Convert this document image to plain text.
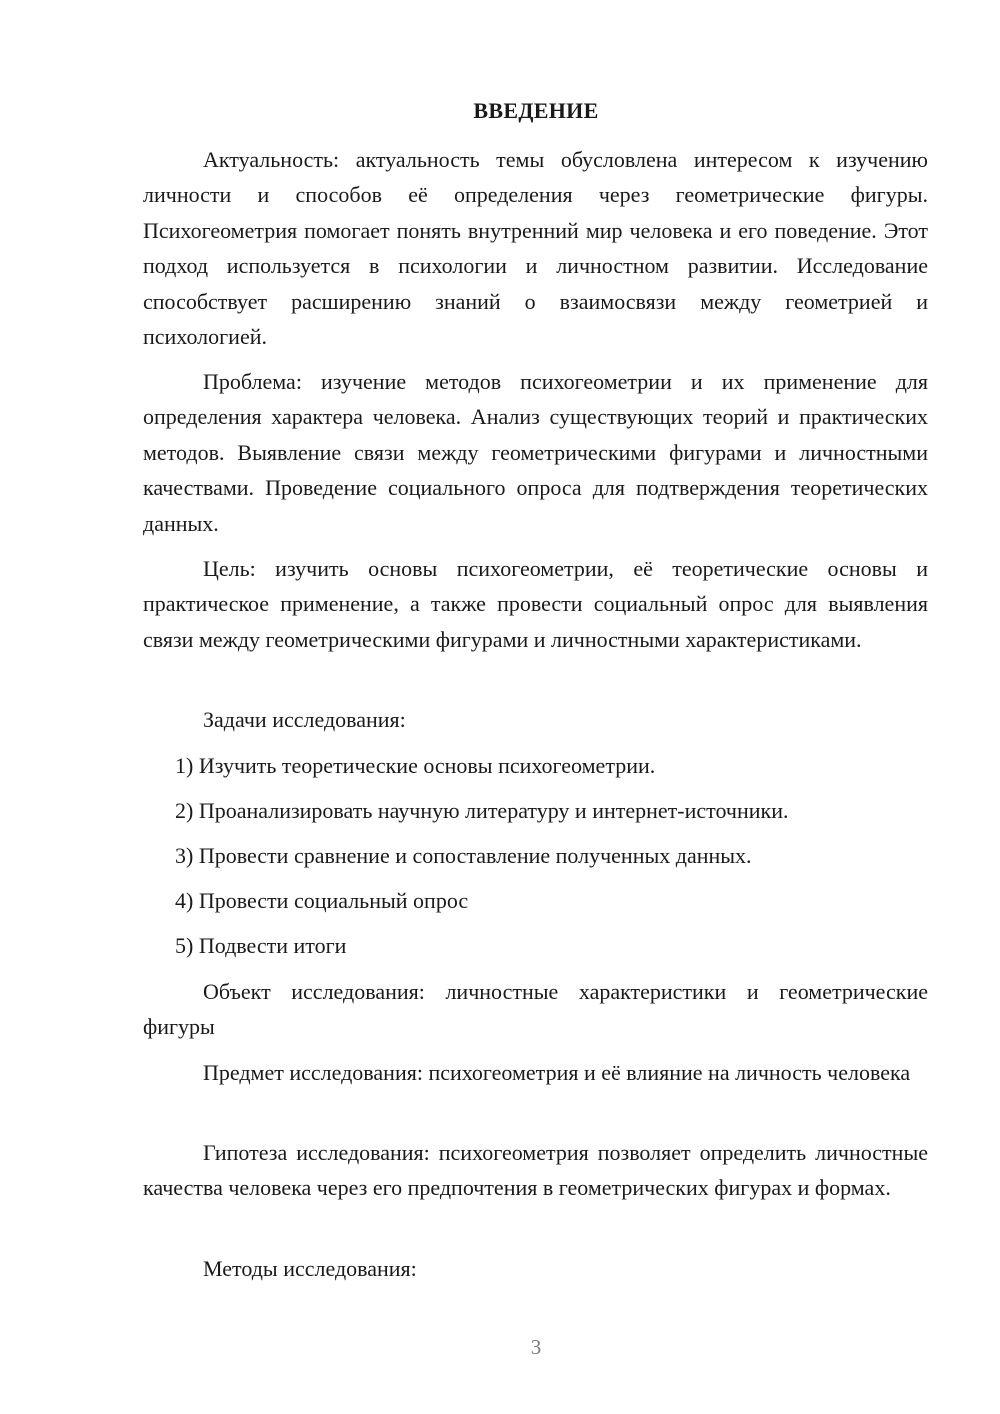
ВВЕДЕНИЕ

Актуальность: актуальность темы обусловлена интересом к изучению личности и способов её определения через геометрические фигуры. Психогеометрия помогает понять внутренний мир человека и его поведение. Этот подход используется в психологии и личностном развитии. Исследование способствует расширению знаний о взаимосвязи между геометрией и психологией.

Проблема: изучение методов психогеометрии и их применение для определения характера человека. Анализ существующих теорий и практических методов. Выявление связи между геометрическими фигурами и личностными качествами. Проведение социального опроса для подтверждения теоретических данных.

Цель: изучить основы психогеометрии, её теоретические основы и практическое применение, а также провести социальный опрос для выявления связи между геометрическими фигурами и личностными характеристиками.

Задачи исследования:

1) Изучить теоретические основы психогеометрии.

2) Проанализировать научную литературу и интернет-источники.

3) Провести сравнение и сопоставление полученных данных.

4) Провести социальный опрос

5) Подвести итоги

Объект исследования: личностные характеристики и геометрические фигуры

Предмет исследования: психогеометрия и её влияние на личность человека

Гипотеза исследования: психогеометрия позволяет определить личностные качества человека через его предпочтения в геометрических фигурах и формах.

Методы исследования:

3
